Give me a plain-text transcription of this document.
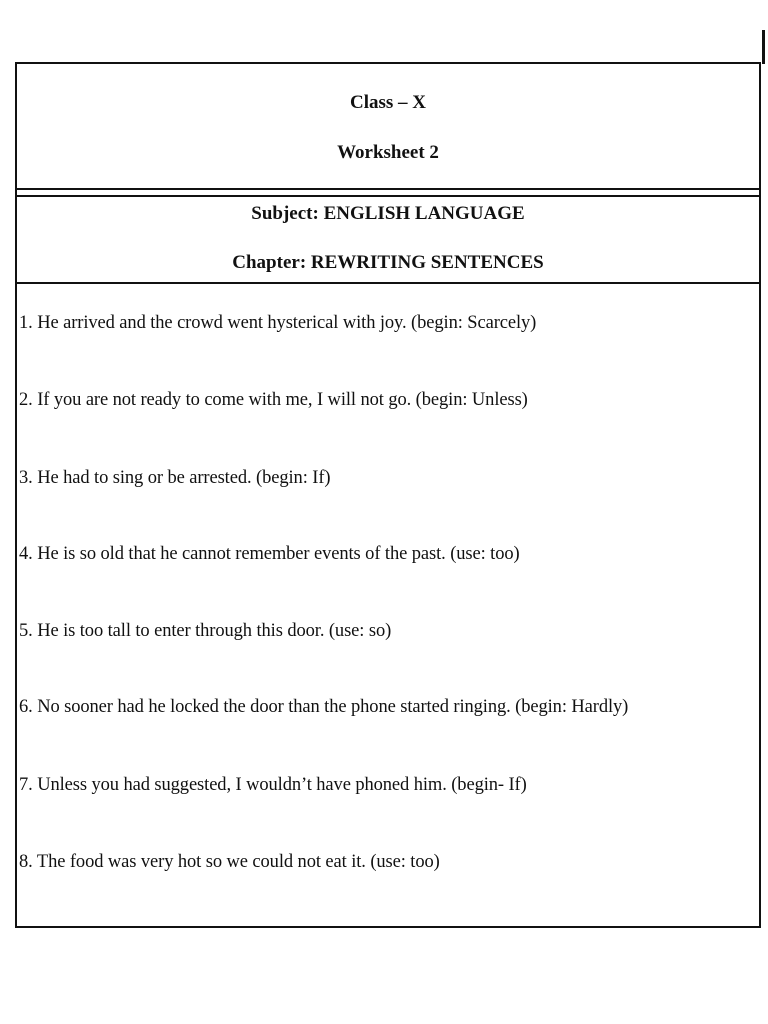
Class – X
Worksheet 2
Subject: ENGLISH LANGUAGE
Chapter: REWRITING SENTENCES
1. He arrived and the crowd went hysterical with joy. (begin: Scarcely)
2. If you are not ready to come with me, I will not go. (begin: Unless)
3. He had to sing or be arrested. (begin: If)
4. He is so old that he cannot remember events of the past. (use: too)
5. He is too tall to enter through this door. (use: so)
6. No sooner had he locked the door than the phone started ringing. (begin: Hardly)
7. Unless you had suggested, I wouldn’t have phoned him. (begin- If)
8. The food was very hot so we could not eat it. (use: too)
